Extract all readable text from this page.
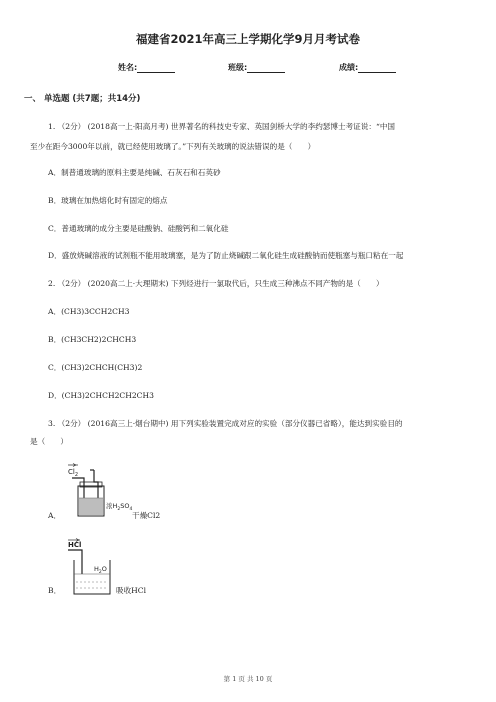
福建省2021年高三上学期化学9月月考试卷
姓名:	班级:	成绩:
一、 单选题 (共7题；共14分)
1. （2分） (2018高一上·阳高月考) 世界著名的科技史专家、英国剑桥大学的李约瑟博士考证说：“中国
至少在距今3000年以前，就已经使用玻璃了。”下列有关玻璃的说法错误的是（　　）
A．制普通玻璃的原料主要是纯碱、石灰石和石英砂
B．玻璃在加热熔化时有固定的熔点
C．普通玻璃的成分主要是硅酸钠、硅酸钙和二氧化硅
D．盛放烧碱溶液的试剂瓶不能用玻璃塞，是为了防止烧碱跟二氧化硅生成硅酸钠而使瓶塞与瓶口粘在一起
2. （2分） (2020高二上·大理期末) 下列烃进行一氯取代后，只生成三种沸点不同产物的是（　　）
A．(CH3)3CCH2CH3
B．(CH3CH2)2CHCH3
C．(CH3)2CHCH(CH3)2
D．(CH3)2CHCH2CH2CH3
3. （2分） (2016高三上·烟台期中) 用下列实验装置完成对应的实验（部分仪器已省略），能达到实验目的
是（　　）
A．
$Cl_2$
浓$H_2SO_4$
干燥Cl2
B．
HCl
$H_2O$
吸收HCl
第 1 页 共 10 页
